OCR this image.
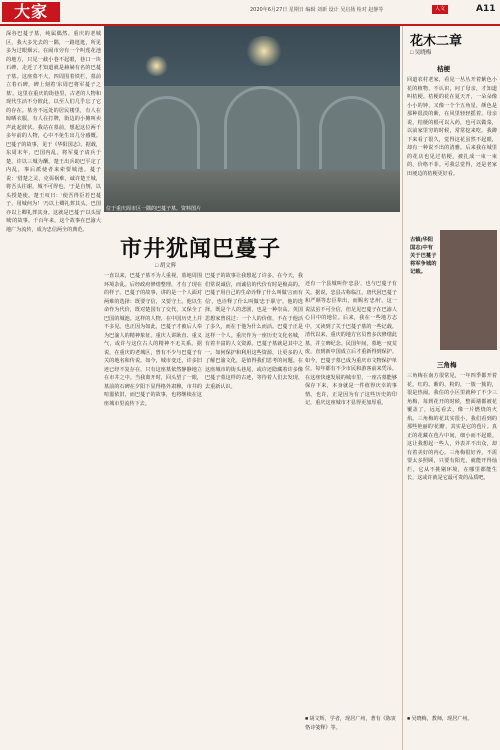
大家	2020年6月27日 星期日 编辑 刘新 设计 吴启扬 检对 赵静等	人文	A11
深谷巴蔓子墓，纯属偶然。重庆的老城区，我大多先去的一隅，一路逛逛，所见多为过眼烟云。在闹市旁有一个叫莲花池的地方，只见一截小巷不起眼，巷口一块石碑，走近了才知道就是赫赫有名的巴蔓子墓。这座墓不大，四周围着铁栏，墓前立着石碑，碑上刻着'东周巴将军蔓子之墓'。这里在重庆的街巷里，古老的人物和现代生活不分彼此，以至人们几乎忘了它的存在。墓旁不远处的居民楼里，有人在晾晒衣服，有人在打牌，街边的小摊叫卖声此起彼伏。我站在墓前，想起这位两千多年前的人物，心中不免生出几分感慨。巴蔓子的故事，见于《华阳国志》。据载，东周末年，巴国内乱，将军蔓子请兵于楚，许以三城为酬。楚王出兵助巴平定了内乱，事后派使者来索要城池。蔓子说：'借楚之灵，克弭祸难，诚许楚王城，将吾头往谢，城不可得也。'于是自刎，以头授楚使。楚王叹曰：'使吾得臣若巴蔓子，用城何为！'乃以上卿礼葬其头。巴国亦以上卿礼葬其身。这就是巴蔓子'以头留城'的故事。千百年来，这个故事在巴渝大地广为流传，成为忠信两全的典范。
位于重庆阁市区一隅的巴蔓子墓。资料图片
市井犹闻巴蔓子
□ 胡文辉
一直以来，巴蔓子墓不为人重视，墓地周围环境杂乱。后经政府修缮整理，才有了现在的样子。巴蔓子的故事，讲的是一个人面对两难的选择：既要守信，又要守土。他以生命作为代价，既对楚国有了交代，又保全了巴国的城池。这样的人物，在中国历史上并不多见。也正因为如此，巴蔓子才被后人奉为巴渝人的精神象征。重庆人讲耿直、重义气，或许与这位古人的精神不无关系。据说，在重庆的老城区，曾有不少与巴蔓子有关的地名和传说。如今，城市变迁，许多旧迹已经不复存在，只有这座墓依然静静地立在市井之中。当我离开时，回头望了一眼，墓前的石碑在夕阳下显得格外肃穆。市井的喧嚣依旧，而巴蔓子的故事，也将继续在这座城市里流传下去。
巴蔓子的故事让我想起了许多。在今天，我们常说诚信，而诚信的代价有时是极高的。巴蔓子用自己的生命诠释了什么叫做'言而有信'，也诠释了什么叫做'忠于职守'。他的选择，既是个人的悲剧，也是一种崇高。英国思想家曾说过：一个人的价值，不在于他活了多久，而在于他为什么而活。巴蔓子正是这样一个人。重庆作为一座历史文化名城，有着丰富的人文资源。巴蔓子墓就是其中之一。如何保护和利用这些资源，让更多的人了解巴渝文化，是值得我们思考的问题。在这座城市的街头巷尾，或许还隐藏着许多像巴蔓子墓这样的古迹，等待着人们去发现、去重新认识。
还有一个县城叫作'忠县'，也与巴蔓子有关。据说，忠县古称临江，唐代因巴蔓子和严颜等忠臣辈出，而赐名'忠州'。这一说法虽不可全信，但足见巴蔓子在巴渝人心目中的地位。后来，我在一些地方志中，又读到了关于巴蔓子墓的一些记载。清代以来，重庆的地方官员曾多次修缮此墓，并立碑纪念。民国年间，墓地一度荒废，直到新中国成立后才重新得到保护。如今，巴蔓子墓已成为重庆市文物保护单位，每年都有不少市民和游客前来凭吊。在这座快速发展的城市里，一座古墓能够保存下来，本身就是一件值得庆幸的事情。也许，正是因为有了这些历史的印记，重庆这座城市才显得更加厚重。
■ 胡文辉，学者，现居广州，著有《陈寅恪诗笺释》等。
花木二章
□ 吴晓梅
桔梗
回道农村老家，看见一丛丛开着紫色小花的植物，不认识，问了母亲，才知道叫桔梗。桔梗的花在夏天开，一朵朵像小小的钟，又像一个个五角星，颜色是那种很淡的紫，在风里轻轻摇着。母亲说，桔梗的根可以入药，也可以做菜，以前家里穷的时候，常常挖来吃。我蹲下来看了很久，觉得这花虽然不起眼，却有一种说不出的清雅。后来我在城里的花店也见过桔梗，被扎成一束一束的，价格不菲。可我总觉得，还是老家田埂边的桔梗更好看。
古镇(华阳国志)中有关于巴蔓子将军争城的记载。
三角梅
三角梅在南方很常见，一年四季都开着花，红的、紫的、粉的，一簇一簇的，很是热闹。我住的小区里就种了不少三角梅，每到花开的时候，整面墙都被花覆盖了，远远看去，像一片燃烧的火焰。三角梅的花其实很小，我们看到的那些艳丽的'花瓣'，其实是它的苞片。真正的花藏在苞片中间，细小而不起眼。这让我想起一些人，外表并不出众，却有着美好的内心。三角梅很好养，不需要太多照顾，只要有阳光，就能开得灿烂。它从不挑剔环境，在哪里都能生长，这或许就是它最可贵的品质吧。
■ 吴晓梅，教师，现居广州。
